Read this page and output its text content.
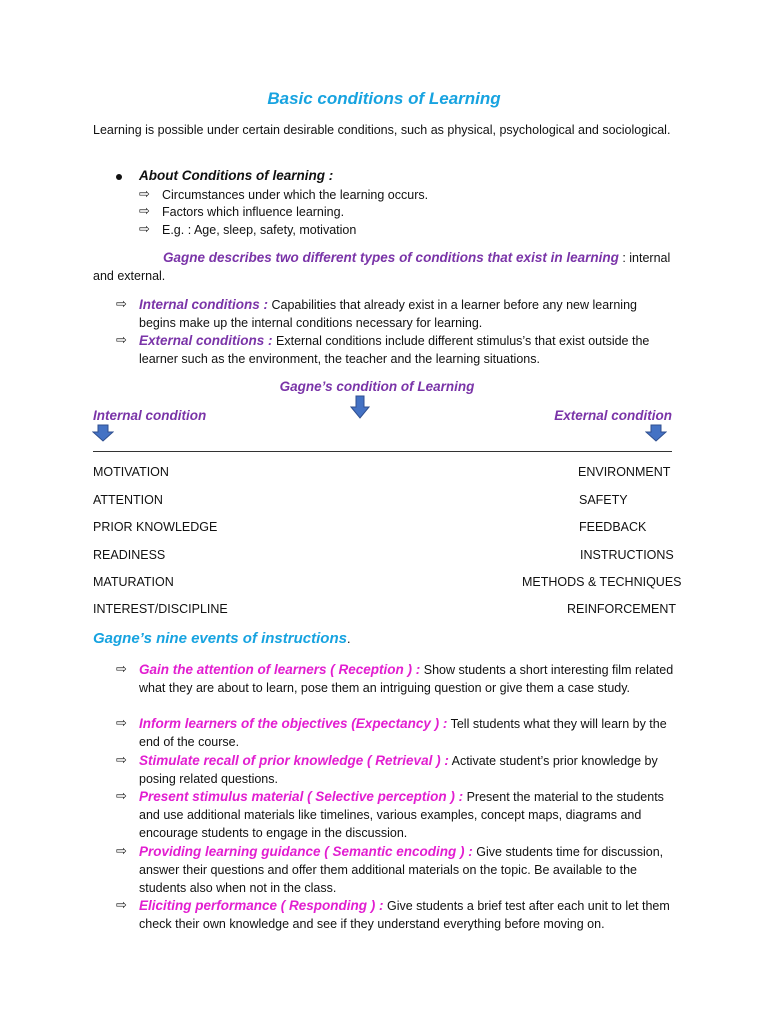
Basic conditions of Learning
Learning is possible under certain desirable conditions, such as physical, psychological and sociological.
About Conditions of learning :
⇨ Circumstances under which the learning occurs.
⇨ Factors which influence learning.
⇨ E.g. : Age, sleep, safety, motivation
Gagne describes two different types of conditions that exist in learning : internal and external.
⇨ Internal conditions : Capabilities that already exist in a learner before any new learning begins make up the internal conditions necessary for learning.
⇨ External conditions : External conditions include different stimulus’s that exist outside the learner such as the environment, the teacher and the learning situations.
Gagne’s condition of Learning
Internal condition	External condition
MOTIVATION
ATTENTION
PRIOR KNOWLEDGE
READINESS
MATURATION
INTEREST/DISCIPLINE
ENVIRONMENT
SAFETY
FEEDBACK
INSTRUCTIONS
METHODS & TECHNIQUES
REINFORCEMENT
Gagne’s nine events of instructions.
⇨ Gain the attention of learners ( Reception ) : Show students a short interesting film related what they are about to learn, pose them an intriguing question or give them a case study.
⇨ Inform learners of the objectives (Expectancy ) : Tell students what they will learn by the end of the course.
⇨ Stimulate recall of prior knowledge ( Retrieval ) : Activate student’s prior knowledge by posing related questions.
⇨ Present stimulus material ( Selective perception ) : Present the material to the students and use additional materials like timelines, various examples, concept maps, diagrams and encourage students to engage in the discussion.
⇨ Providing learning guidance ( Semantic encoding ) : Give students time for discussion, answer their questions and offer them additional materials on the topic. Be available to the students also when not in the class.
⇨ Eliciting performance ( Responding ) : Give students a brief test after each unit to let them check their own knowledge and see if they understand everything before moving on.
